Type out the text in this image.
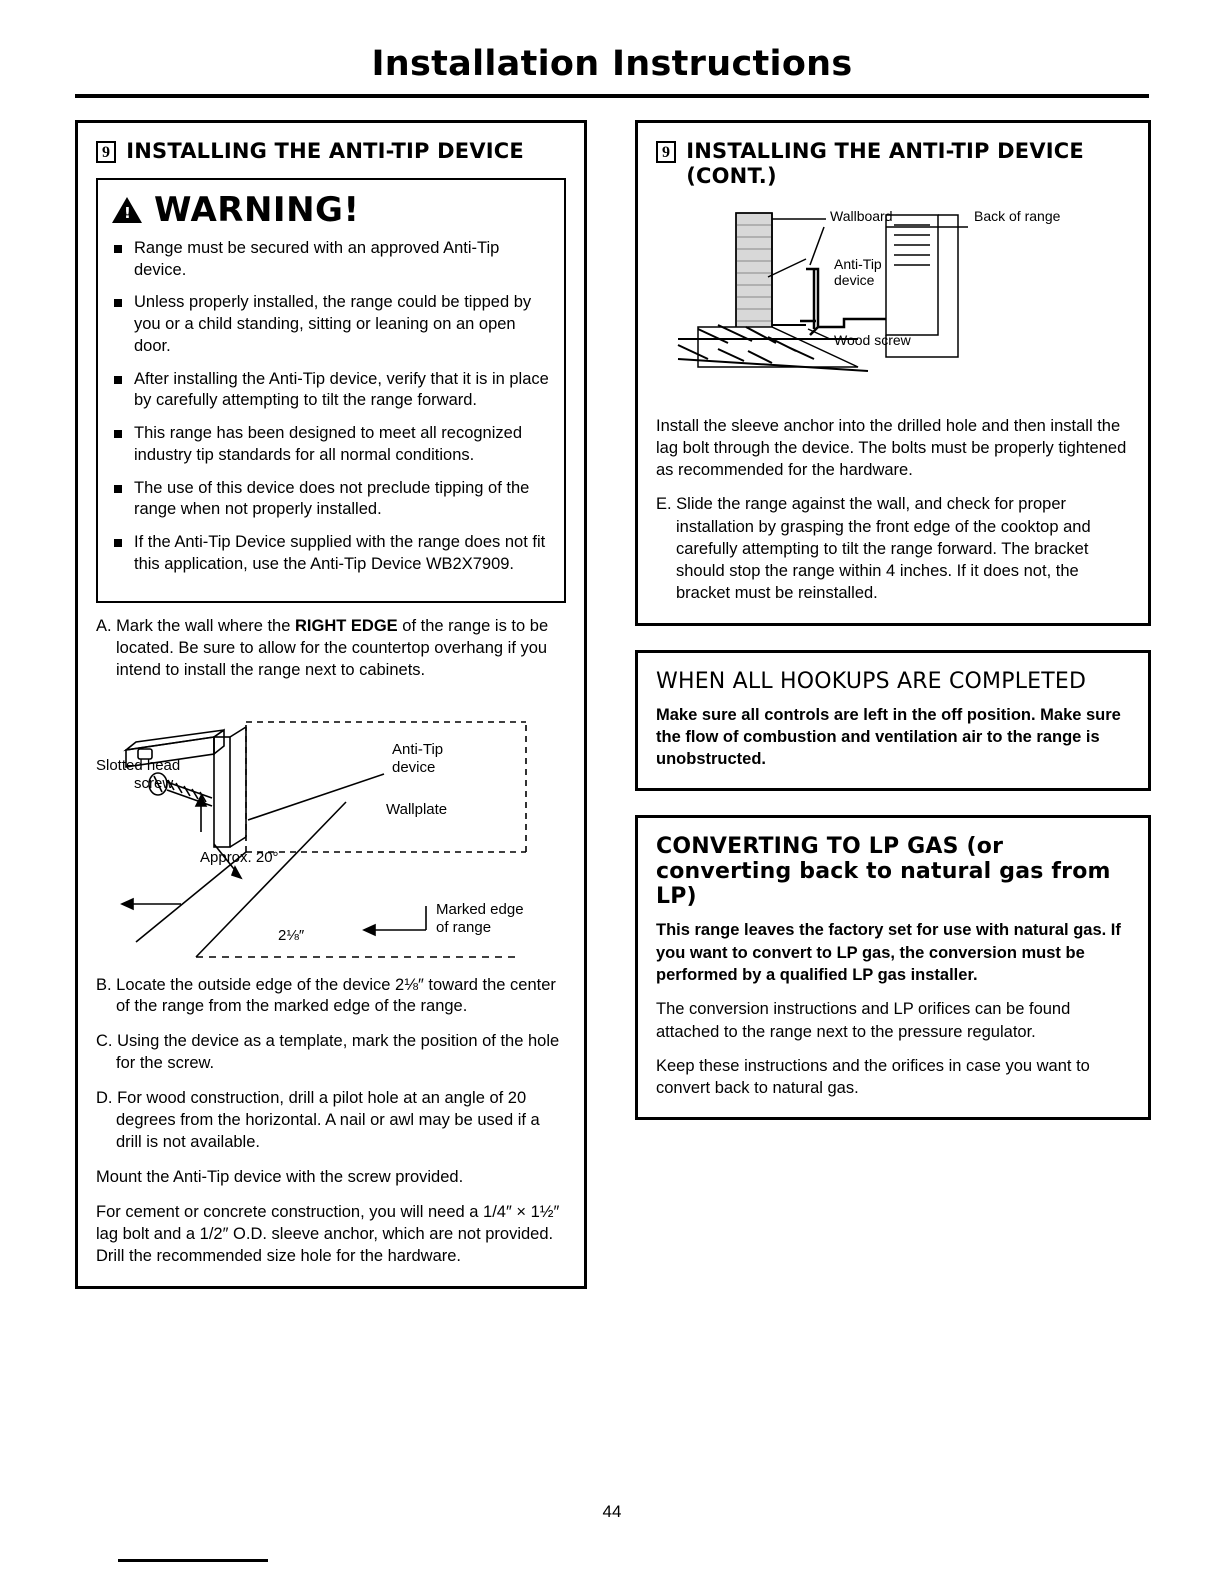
Installation Instructions
9 INSTALLING THE ANTI-TIP DEVICE
!
WARNING!
Range must be secured with an approved Anti-Tip device.
Unless properly installed, the range could be tipped by you or a child standing, sitting or leaning on an open door.
After installing the Anti-Tip device, verify that it is in place by carefully attempting to tilt the range forward.
This range has been designed to meet all recognized industry tip standards for all normal conditions.
The use of this device does not preclude tipping of the range when not properly installed.
If the Anti-Tip Device supplied with the range does not fit this application, use the Anti-Tip Device WB2X7909.
A. Mark the wall where the RIGHT EDGE of the range is to be located. Be sure to allow for the countertop overhang if you intend to install the range next to cabinets.
Anti-Tip
device
Slotted head
screw
Wallplate
Approx. 20°
2⅛″
Marked edge
of range
B. Locate the outside edge of the device 2⅛″ toward the center of the range from the marked edge of the range.
C. Using the device as a template, mark the position of the hole for the screw.
D. For wood construction, drill a pilot hole at an angle of 20 degrees from the horizontal. A nail or awl may be used if a drill is not available.
Mount the Anti-Tip device with the screw provided.
For cement or concrete construction, you will need a 1/4″ × 1½″ lag bolt and a 1/2″ O.D. sleeve anchor, which are not provided. Drill the recommended size hole for the hardware.
9 INSTALLING THE ANTI-TIP DEVICE
(CONT.)
Wallboard	Back of range
Anti-Tip
device
Wood screw
Install the sleeve anchor into the drilled hole and then install the lag bolt through the device. The bolts must be properly tightened as recommended for the hardware.
E. Slide the range against the wall, and check for proper installation by grasping the front edge of the cooktop and carefully attempting to tilt the range forward. The bracket should stop the range within 4 inches. If it does not, the bracket must be reinstalled.
WHEN ALL HOOKUPS ARE COMPLETED
Make sure all controls are left in the off position. Make sure the flow of combustion and ventilation air to the range is unobstructed.
CONVERTING TO LP GAS (or converting back to natural gas from LP)
This range leaves the factory set for use with natural gas. If you want to convert to LP gas, the conversion must be performed by a qualified LP gas installer.
The conversion instructions and LP orifices can be found attached to the range next to the pressure regulator.
Keep these instructions and the orifices in case you want to convert back to natural gas.
44
